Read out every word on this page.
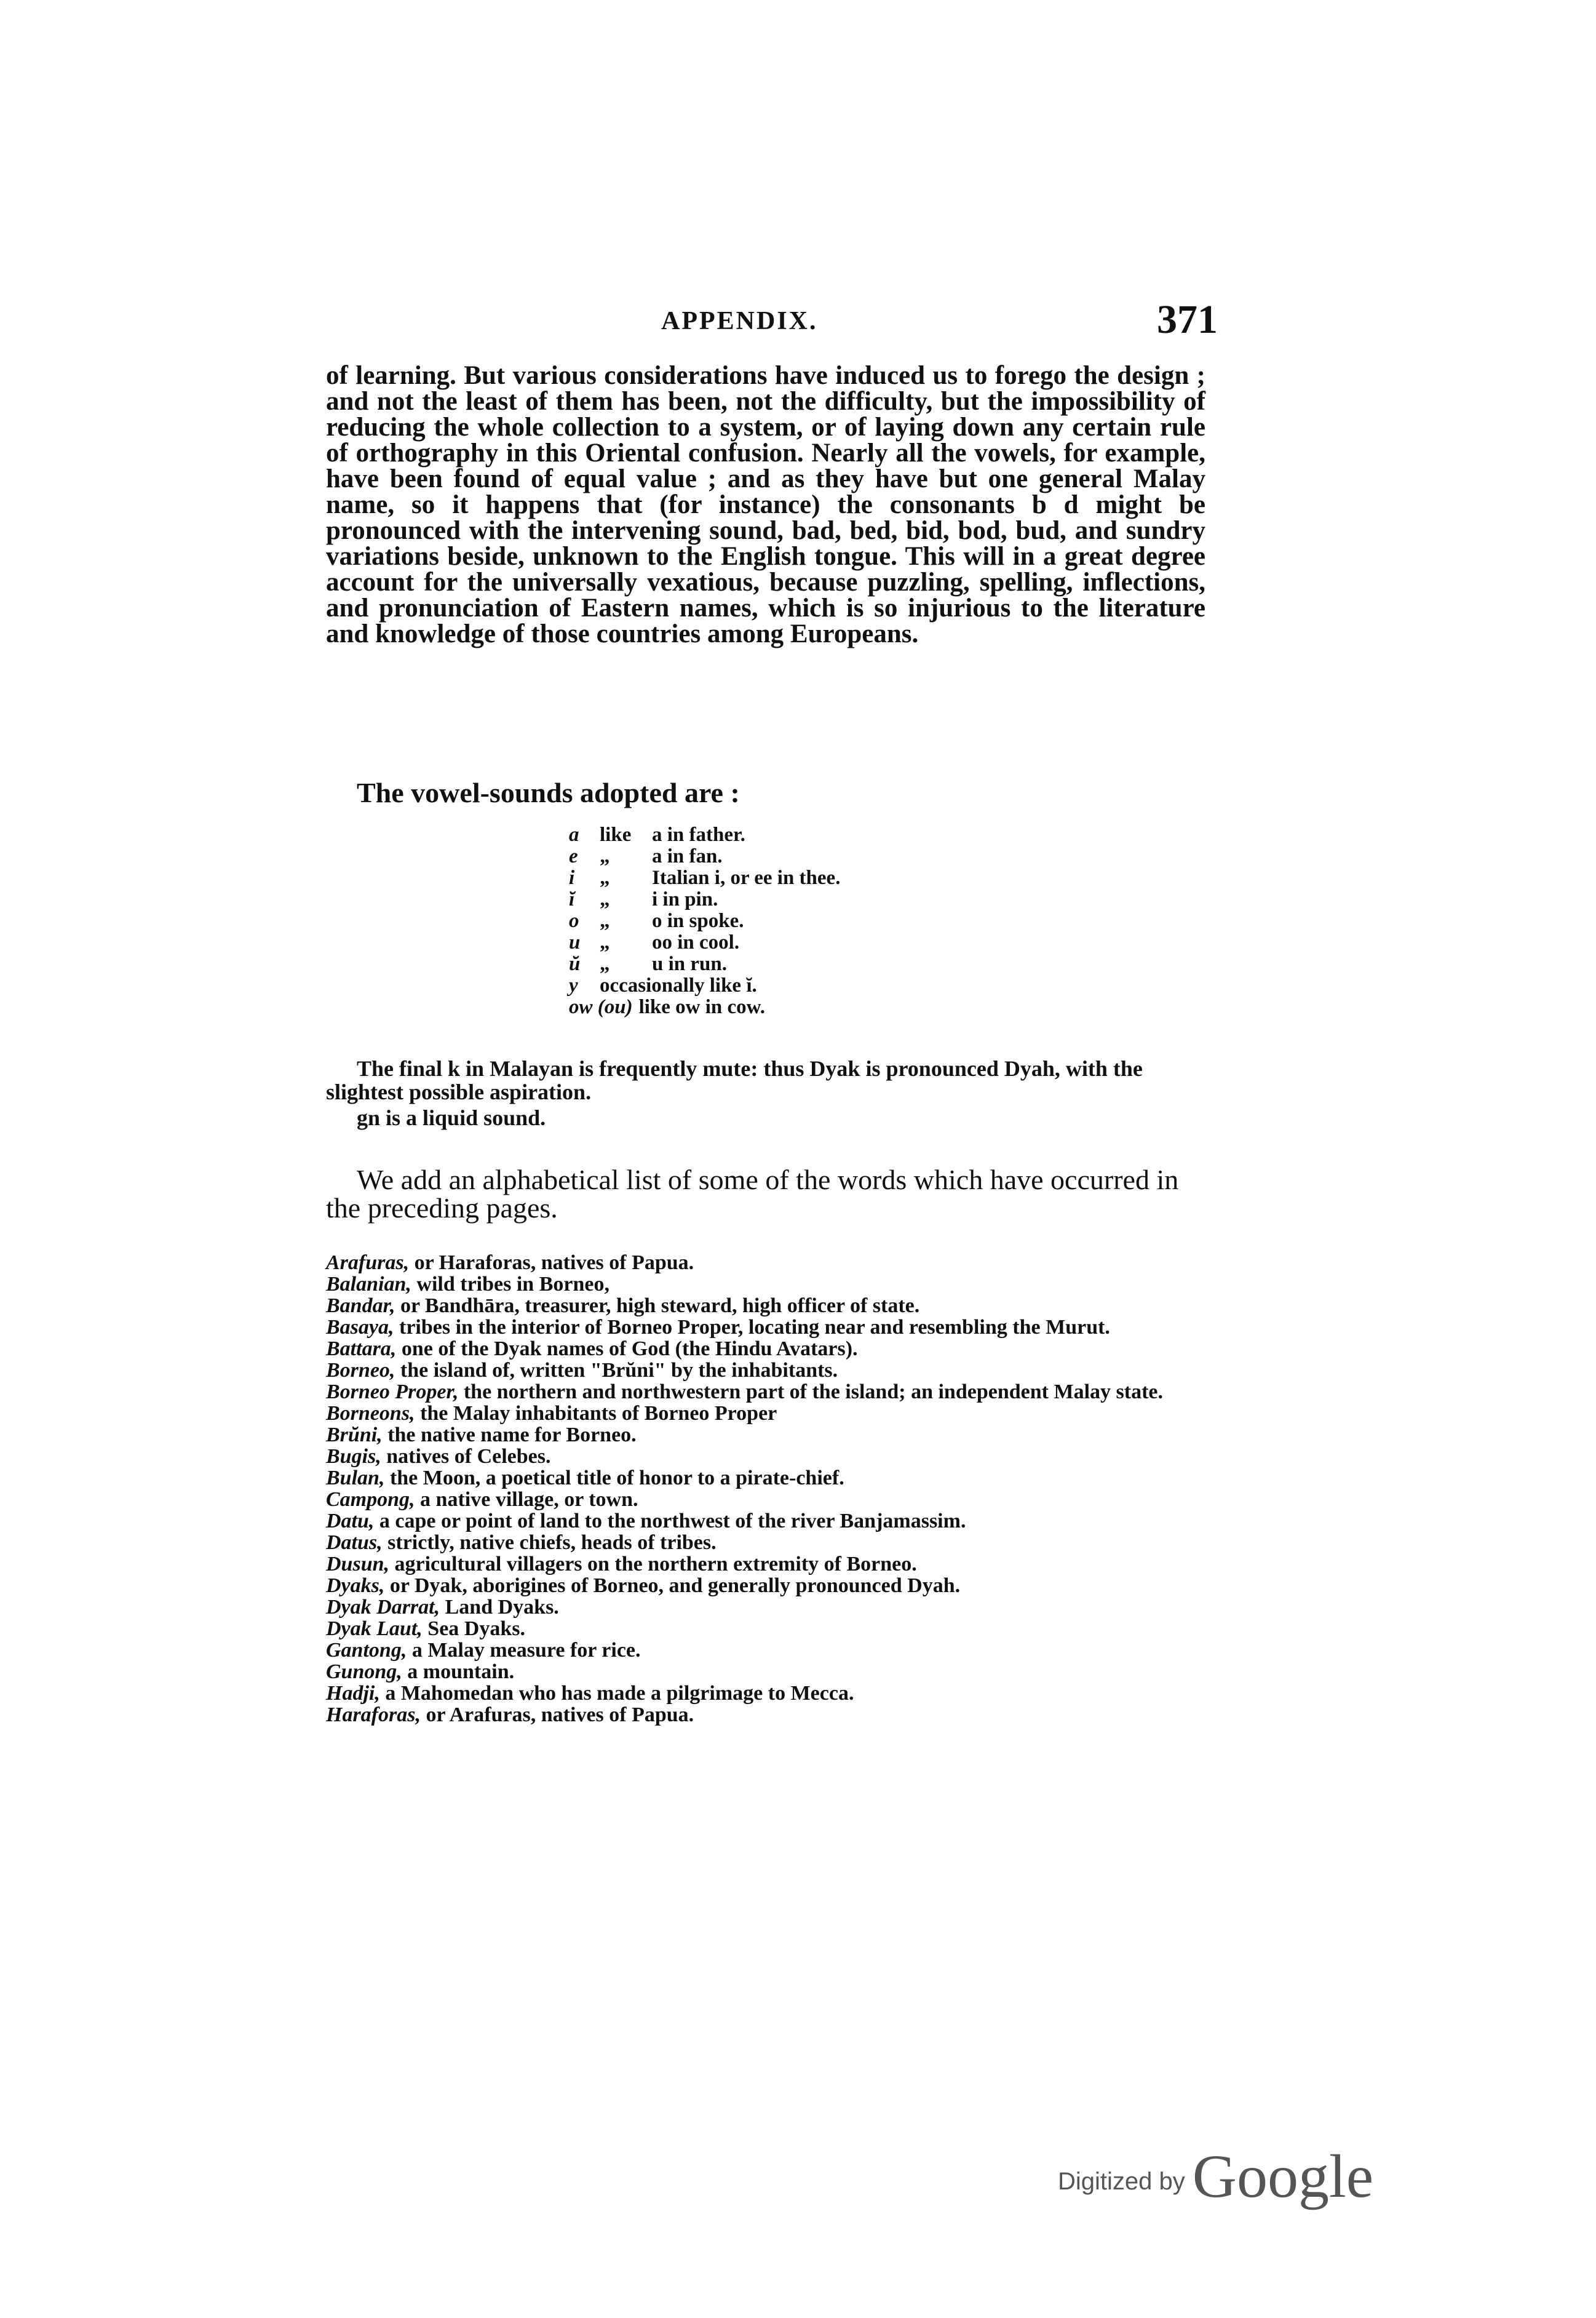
APPENDIX.	371

of learning. But various considerations have induced us to forego the design ; and not the least of them has been, not the difficulty, but the impossibility of reducing the whole collection to a system, or of laying down any certain rule of orthography in this Oriental confusion. Nearly all the vowels, for example, have been found of equal value ; and as they have but one general Malay name, so it happens that (for instance) the consonants b d might be pronounced with the intervening sound, bad, bed, bid, bod, bud, and sundry variations beside, unknown to the English tongue. This will in a great degree account for the universally vexatious, because puzzling, spelling, inflections, and pronunciation of Eastern names, which is so injurious to the literature and knowledge of those countries among Europeans.

The vowel-sounds adopted are :
a like a in father.
e „ a in fan.
i „ Italian i, or ee in thee.
ĭ „ i in pin.
o „ o in spoke.
u „ oo in cool.
ŭ „ u in run.
y occasionally like ĭ.
ow (ou) like ow in cow.
The final k in Malayan is frequently mute: thus Dyak is pronounced Dyah, with the slightest possible aspiration.
gn is a liquid sound.
We add an alphabetical list of some of the words which have occurred in the preceding pages.

Arafuras, or Haraforas, natives of Papua.

Balanian, wild tribes in Borneo,

Bandar, or Bandhāra, treasurer, high steward, high officer of state.

Basaya, tribes in the interior of Borneo Proper, locating near and resembling the Murut.

Battara, one of the Dyak names of God (the Hindu Avatars).

Borneo, the island of, written "Brŭni" by the inhabitants.

Borneo Proper, the northern and northwestern part of the island; an independent Malay state.

Borneons, the Malay inhabitants of Borneo Proper

Brŭni, the native name for Borneo.

Bugis, natives of Celebes.

Bulan, the Moon, a poetical title of honor to a pirate-chief.

Campong, a native village, or town.

Datu, a cape or point of land to the northwest of the river Banjamassim.

Datus, strictly, native chiefs, heads of tribes.

Dusun, agricultural villagers on the northern extremity of Borneo.

Dyaks, or Dyak, aborigines of Borneo, and generally pronounced Dyah.

Dyak Darrat, Land Dyaks.

Dyak Laut, Sea Dyaks.

Gantong, a Malay measure for rice.

Gunong, a mountain.

Hadji, a Mahomedan who has made a pilgrimage to Mecca.

Haraforas, or Arafuras, natives of Papua.

Digitized by Google
